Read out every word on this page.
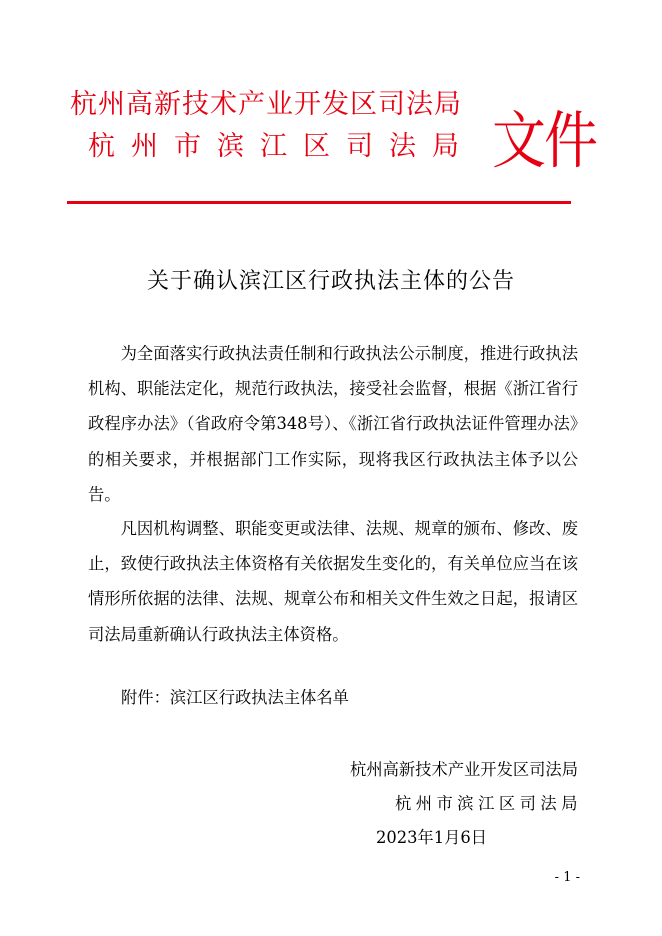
杭州高新技术产业开发区司法局
杭州市滨江区司法局 文件
关于确认滨江区行政执法主体的公告

为全面落实行政执法责任制和行政执法公示制度，推进行政执法机构、职能法定化，规范行政执法，接受社会监督，根据《浙江省行政程序办法》（省政府令第348号）、《浙江省行政执法证件管理办法》的相关要求，并根据部门工作实际，现将我区行政执法主体予以公告。

凡因机构调整、职能变更或法律、法规、规章的颁布、修改、废止，致使行政执法主体资格有关依据发生变化的，有关单位应当在该情形所依据的法律、法规、规章公布和相关文件生效之日起，报请区司法局重新确认行政执法主体资格。

附件：滨江区行政执法主体名单
杭州高新技术产业开发区司法局
杭州市滨江区司法局
2023年1月6日
- 1 -
